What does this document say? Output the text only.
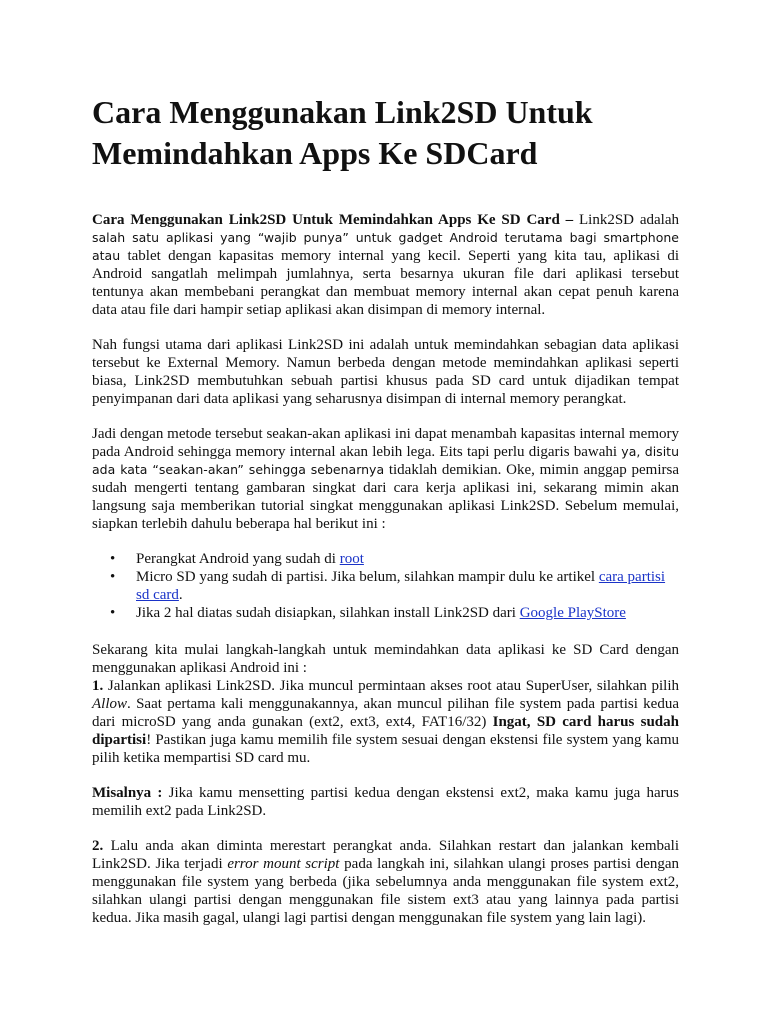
Cara Menggunakan Link2SD Untuk Memindahkan Apps Ke SDCard

Cara Menggunakan Link2SD Untuk Memindahkan Apps Ke SD Card – Link2SD adalah salah satu aplikasi yang “wajib punya” untuk gadget Android terutama bagi smartphone atau tablet dengan kapasitas memory internal yang kecil. Seperti yang kita tau, aplikasi di Android sangatlah melimpah jumlahnya, serta besarnya ukuran file dari aplikasi tersebut tentunya akan membebani perangkat dan membuat memory internal akan cepat penuh karena data atau file dari hampir setiap aplikasi akan disimpan di memory internal.

Nah fungsi utama dari aplikasi Link2SD ini adalah untuk memindahkan sebagian data aplikasi tersebut ke External Memory. Namun berbeda dengan metode memindahkan aplikasi seperti biasa, Link2SD membutuhkan sebuah partisi khusus pada SD card untuk dijadikan tempat penyimpanan dari data aplikasi yang seharusnya disimpan di internal memory perangkat.

Jadi dengan metode tersebut seakan-akan aplikasi ini dapat menambah kapasitas internal memory pada Android sehingga memory internal akan lebih lega. Eits tapi perlu digaris bawahi ya, disitu ada kata “seakan-akan” sehingga sebenarnya tidaklah demikian. Oke, mimin anggap pemirsa sudah mengerti tentang gambaran singkat dari cara kerja aplikasi ini, sekarang mimin akan langsung saja memberikan tutorial singkat menggunakan aplikasi Link2SD. Sebelum memulai, siapkan terlebih dahulu beberapa hal berikut ini :

• Perangkat Android yang sudah di root
• Micro SD yang sudah di partisi. Jika belum, silahkan mampir dulu ke artikel cara partisi sd card.
• Jika 2 hal diatas sudah disiapkan, silahkan install Link2SD dari Google PlayStore

Sekarang kita mulai langkah-langkah untuk memindahkan data aplikasi ke SD Card dengan menggunakan aplikasi Android ini :

1. Jalankan aplikasi Link2SD. Jika muncul permintaan akses root atau SuperUser, silahkan pilih Allow. Saat pertama kali menggunakannya, akan muncul pilihan file system pada partisi kedua dari microSD yang anda gunakan (ext2, ext3, ext4, FAT16/32) Ingat, SD card harus sudah dipartisi! Pastikan juga kamu memilih file system sesuai dengan ekstensi file system yang kamu pilih ketika mempartisi SD card mu.

Misalnya : Jika kamu mensetting partisi kedua dengan ekstensi ext2, maka kamu juga harus memilih ext2 pada Link2SD.

2. Lalu anda akan diminta merestart perangkat anda. Silahkan restart dan jalankan kembali Link2SD. Jika terjadi error mount script pada langkah ini, silahkan ulangi proses partisi dengan menggunakan file system yang berbeda (jika sebelumnya anda menggunakan file system ext2, silahkan ulangi partisi dengan menggunakan file sistem ext3 atau yang lainnya pada partisi kedua. Jika masih gagal, ulangi lagi partisi dengan menggunakan file system yang lain lagi).
